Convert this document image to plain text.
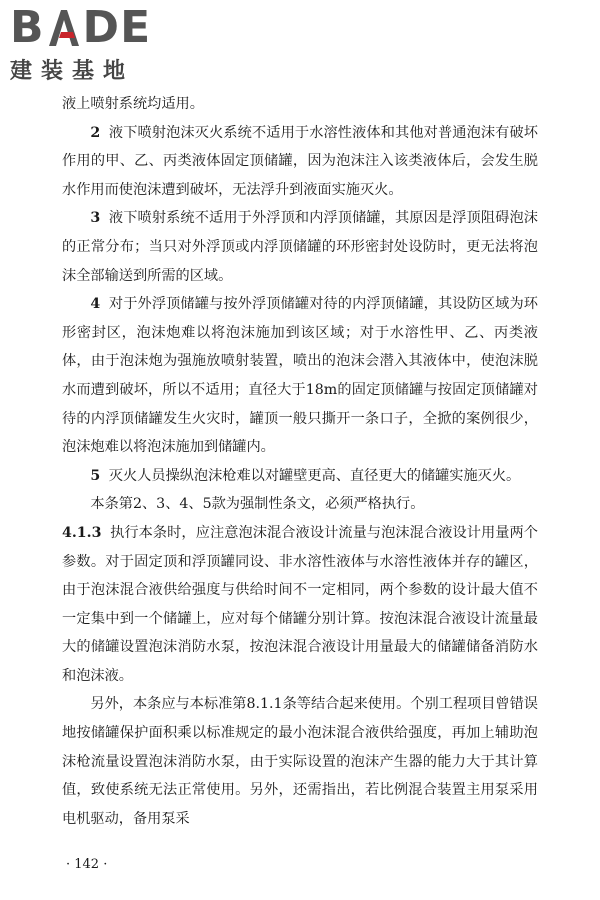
B DE
建装基地

液上喷射系统均适用。

2 液下喷射泡沫灭火系统不适用于水溶性液体和其他对普通泡沫有破坏作用的甲、乙、丙类液体固定顶储罐，因为泡沫注入该类液体后，会发生脱水作用而使泡沫遭到破坏，无法浮升到液面实施灭火。

3 液下喷射系统不适用于外浮顶和内浮顶储罐，其原因是浮顶阻碍泡沫的正常分布；当只对外浮顶或内浮顶储罐的环形密封处设防时，更无法将泡沫全部输送到所需的区域。

4 对于外浮顶储罐与按外浮顶储罐对待的内浮顶储罐，其设防区域为环形密封区，泡沫炮难以将泡沫施加到该区域；对于水溶性甲、乙、丙类液体，由于泡沫炮为强施放喷射装置，喷出的泡沫会潜入其液体中，使泡沫脱水而遭到破坏，所以不适用；直径大于18m的固定顶储罐与按固定顶储罐对待的内浮顶储罐发生火灾时，罐顶一般只撕开一条口子，全掀的案例很少，泡沫炮难以将泡沫施加到储罐内。

5 灭火人员操纵泡沫枪难以对罐壁更高、直径更大的储罐实施灭火。

本条第2、3、4、5款为强制性条文，必须严格执行。

4.1.3 执行本条时，应注意泡沫混合液设计流量与泡沫混合液设计用量两个参数。对于固定顶和浮顶罐同设、非水溶性液体与水溶性液体并存的罐区，由于泡沫混合液供给强度与供给时间不一定相同，两个参数的设计最大值不一定集中到一个储罐上，应对每个储罐分别计算。按泡沫混合液设计流量最大的储罐设置泡沫消防水泵，按泡沫混合液设计用量最大的储罐储备消防水和泡沫液。

另外，本条应与本标准第8.1.1条等结合起来使用。个别工程项目曾错误地按储罐保护面积乘以标准规定的最小泡沫混合液供给强度，再加上辅助泡沫枪流量设置泡沫消防水泵，由于实际设置的泡沫产生器的能力大于其计算值，致使系统无法正常使用。另外，还需指出，若比例混合装置主用泵采用电机驱动，备用泵采

· 142 ·
